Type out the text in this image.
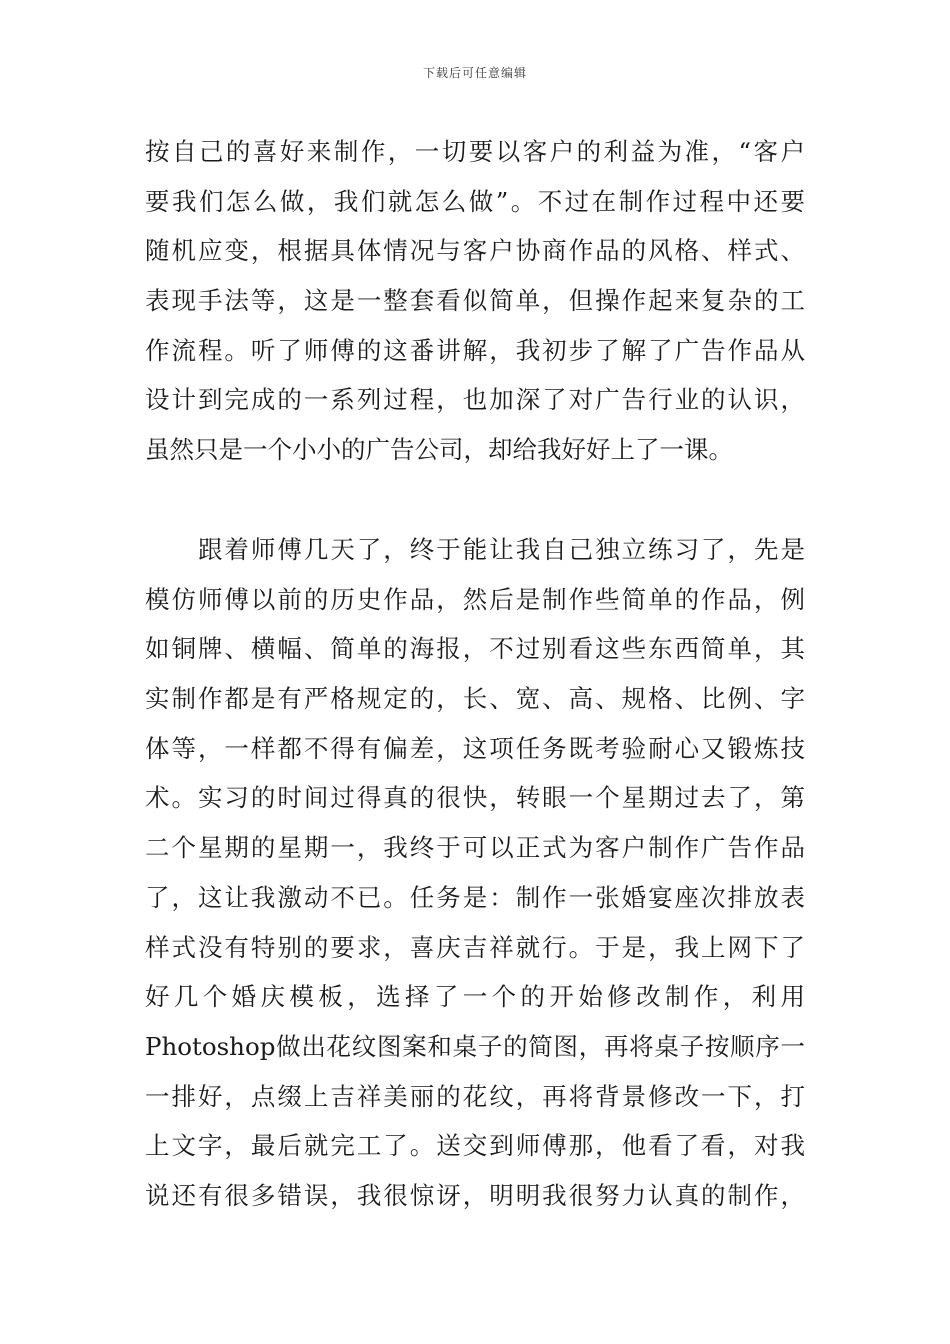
下载后可任意编辑
按自己的喜好来制作，一切要以客户的利益为准，“客户
要我们怎么做，我们就怎么做”。不过在制作过程中还要
随机应变，根据具体情况与客户协商作品的风格、样式、
表现手法等，这是一整套看似简单，但操作起来复杂的工
作流程。听了师傅的这番讲解，我初步了解了广告作品从
设计到完成的一系列过程，也加深了对广告行业的认识，
虽然只是一个小小的广告公司，却给我好好上了一课。
　　跟着师傅几天了，终于能让我自己独立练习了，先是
模仿师傅以前的历史作品，然后是制作些简单的作品，例
如铜牌、横幅、简单的海报，不过别看这些东西简单，其
实制作都是有严格规定的，长、宽、高、规格、比例、字
体等，一样都不得有偏差，这项任务既考验耐心又锻炼技
术。实习的时间过得真的很快，转眼一个星期过去了，第
二个星期的星期一，我终于可以正式为客户制作广告作品
了，这让我激动不已。任务是：制作一张婚宴座次排放表
样式没有特别的要求，喜庆吉祥就行。于是，我上网下了
好几个婚庆模板，选择了一个的开始修改制作，利用
Photoshop做出花纹图案和桌子的简图，再将桌子按顺序一
一排好，点缀上吉祥美丽的花纹，再将背景修改一下，打
上文字，最后就完工了。送交到师傅那，他看了看，对我
说还有很多错误，我很惊讶，明明我很努力认真的制作，
